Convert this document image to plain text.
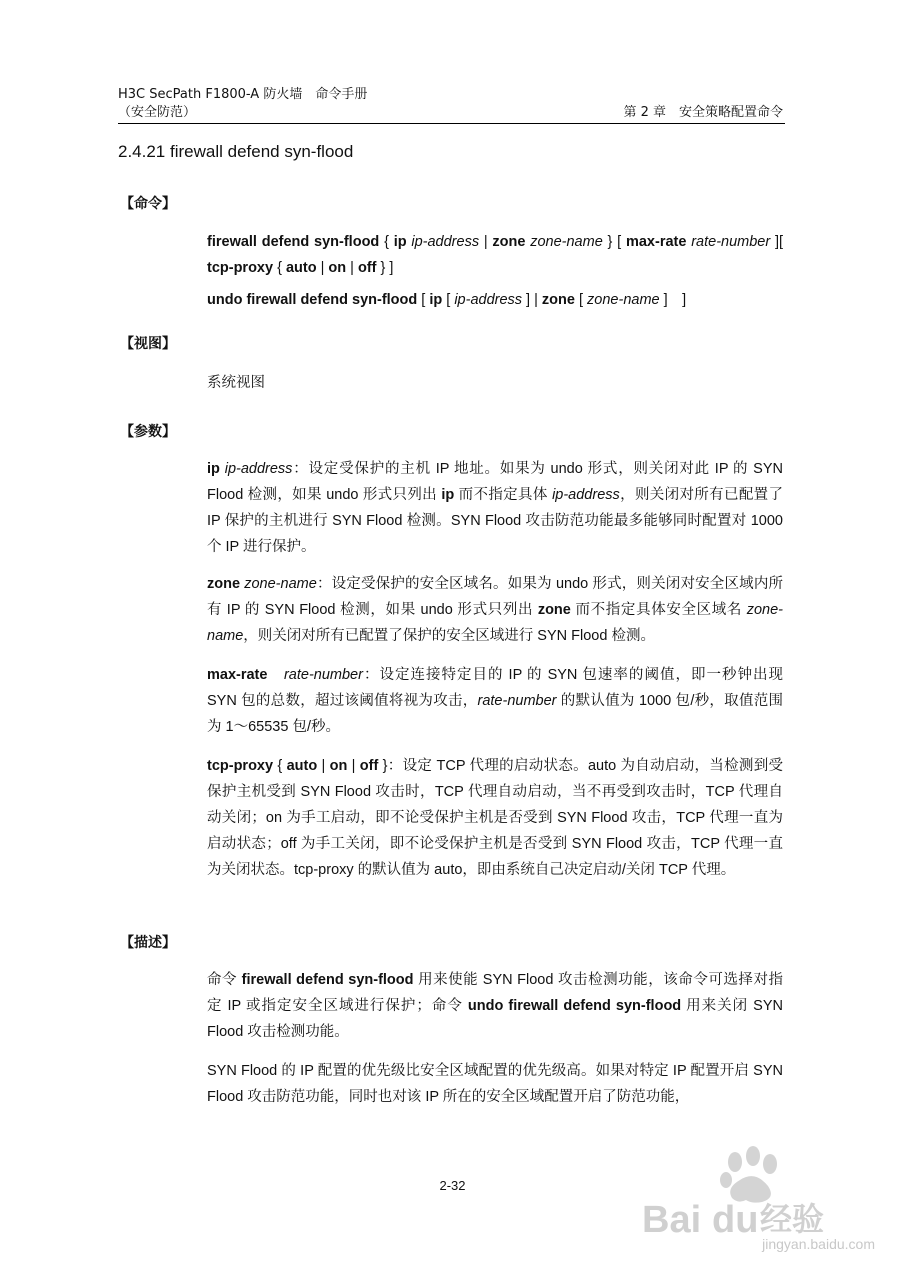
H3C SecPath F1800-A 防火墙　命令手册
（安全防范）	第 2 章　安全策略配置命令
2.4.21 firewall defend syn-flood
【命令】
firewall defend syn-flood { ip ip-address | zone zone-name } [ max-rate rate-number ][ tcp-proxy { auto | on | off } ]
undo firewall defend syn-flood [ ip [ ip-address ] | zone [ zone-name ]　]
【视图】
系统视图
【参数】
ip ip-address：设定受保护的主机 IP 地址。如果为 undo 形式，则关闭对此 IP 的 SYN Flood 检测，如果 undo 形式只列出 ip 而不指定具体 ip-address，则关闭对所有已配置了 IP 保护的主机进行 SYN Flood 检测。SYN Flood 攻击防范功能最多能够同时配置对 1000 个 IP 进行保护。
zone zone-name：设定受保护的安全区域名。如果为 undo 形式，则关闭对安全区域内所有 IP 的 SYN Flood 检测，如果 undo 形式只列出 zone 而不指定具体安全区域名 zone-name，则关闭对所有已配置了保护的安全区域进行 SYN Flood 检测。
max-rate　 rate-number：设定连接特定目的 IP 的 SYN 包速率的阈值，即一秒钟出现 SYN 包的总数，超过该阈值将视为攻击，rate-number 的默认值为 1000 包/秒，取值范围为 1～65535 包/秒。
tcp-proxy { auto | on | off }：设定 TCP 代理的启动状态。auto 为自动启动，当检测到受保护主机受到 SYN Flood 攻击时，TCP 代理自动启动，当不再受到攻击时，TCP 代理自动关闭；on 为手工启动，即不论受保护主机是否受到 SYN Flood 攻击，TCP 代理一直为启动状态；off 为手工关闭，即不论受保护主机是否受到 SYN Flood 攻击，TCP 代理一直为关闭状态。tcp-proxy 的默认值为 auto，即由系统自己决定启动/关闭 TCP 代理。
【描述】
命令 firewall defend syn-flood 用来使能 SYN Flood 攻击检测功能，该命令可选择对指定 IP 或指定安全区域进行保护；命令 undo firewall defend syn-flood 用来关闭 SYN Flood 攻击检测功能。
SYN Flood 的 IP 配置的优先级比安全区域配置的优先级高。如果对特定 IP 配置开启 SYN Flood 攻击防范功能，同时也对该 IP 所在的安全区域配置开启了防范功能，
2-32
Bai du 经验
jingyan.baidu.com
